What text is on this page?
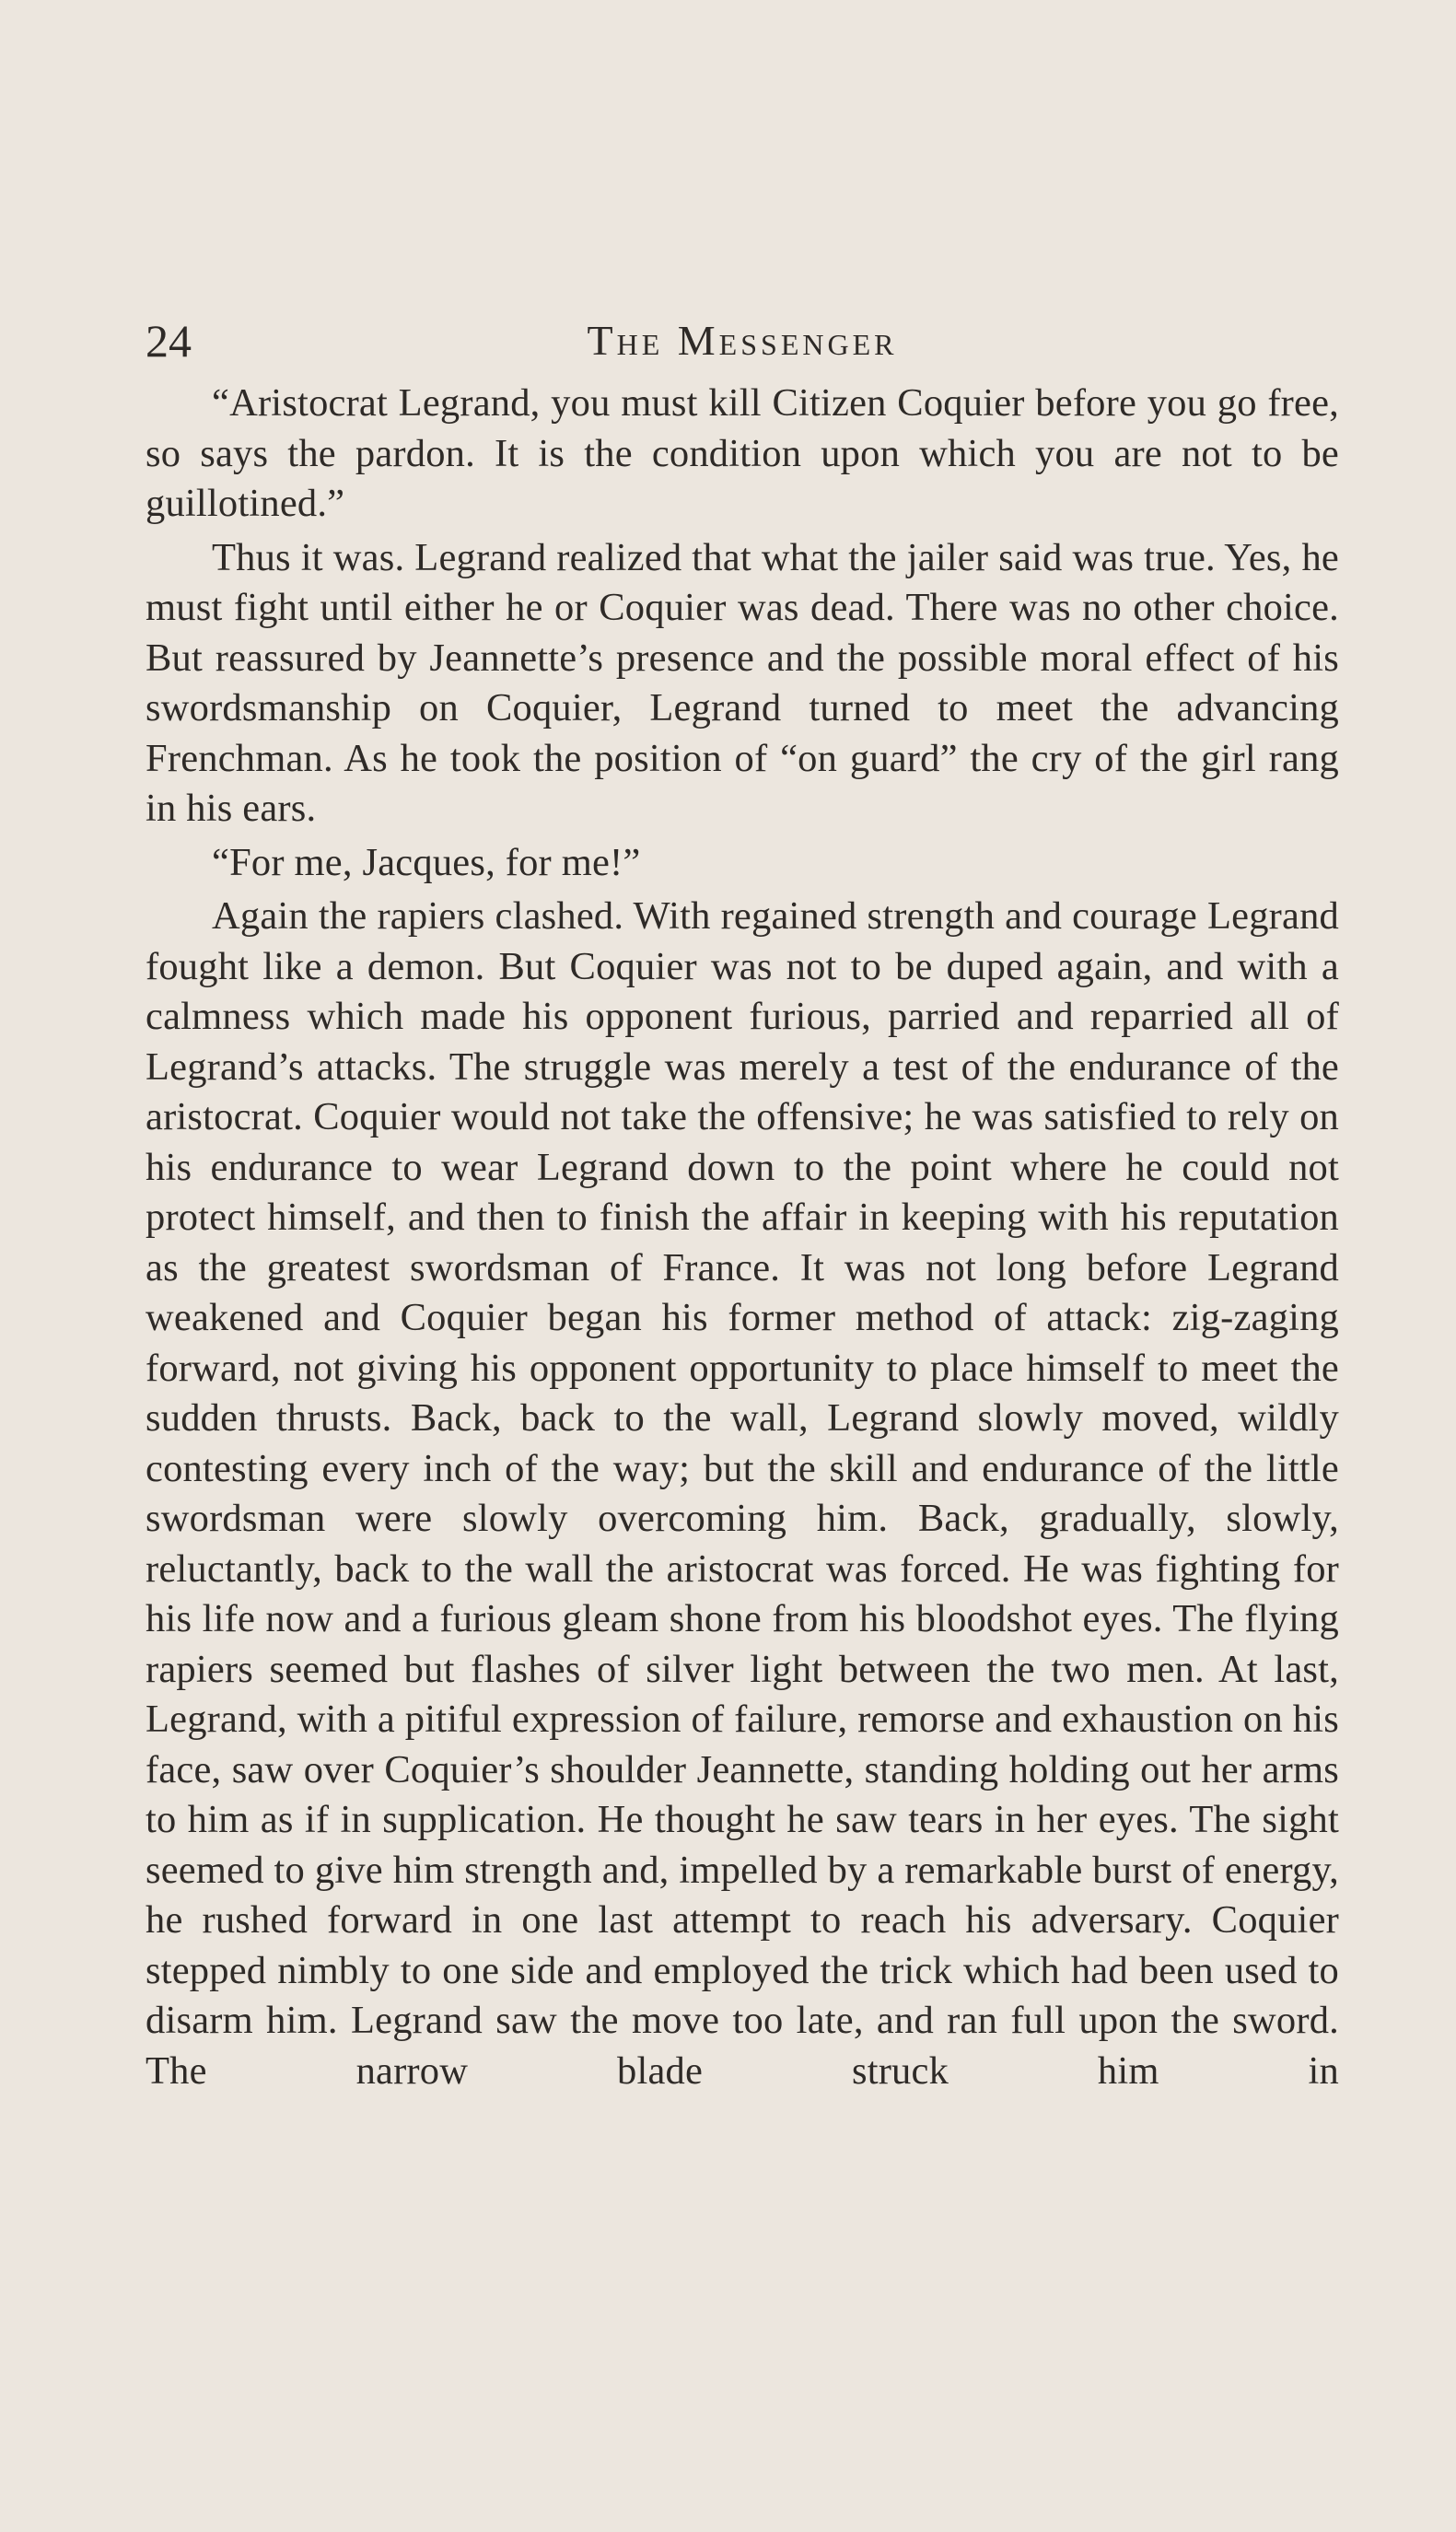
24	The Messenger

“Aristocrat Legrand, you must kill Citizen Coquier before you go free, so says the pardon. It is the condition upon which you are not to be guillotined.”

Thus it was. Legrand realized that what the jailer said was true. Yes, he must fight until either he or Coquier was dead. There was no other choice. But reassured by Jeannette’s presence and the possible moral effect of his swordsmanship on Coquier, Legrand turned to meet the advancing Frenchman. As he took the position of “on guard” the cry of the girl rang in his ears.

“For me, Jacques, for me!”

Again the rapiers clashed. With regained strength and courage Legrand fought like a demon. But Coquier was not to be duped again, and with a calmness which made his opponent furious, parried and reparried all of Legrand’s attacks. The struggle was merely a test of the endurance of the aristocrat. Coquier would not take the offensive; he was satisfied to rely on his endurance to wear Legrand down to the point where he could not protect himself, and then to finish the affair in keeping with his reputation as the greatest swordsman of France. It was not long before Legrand weakened and Coquier began his former method of attack: zig-zaging forward, not giving his opponent opportunity to place himself to meet the sudden thrusts. Back, back to the wall, Legrand slowly moved, wildly contesting every inch of the way; but the skill and endurance of the little swordsman were slowly overcoming him. Back, gradually, slowly, reluctantly, back to the wall the aristocrat was forced. He was fighting for his life now and a furious gleam shone from his bloodshot eyes. The flying rapiers seemed but flashes of silver light between the two men. At last, Legrand, with a pitiful expression of failure, remorse and exhaustion on his face, saw over Coquier’s shoulder Jeannette, standing holding out her arms to him as if in supplication. He thought he saw tears in her eyes. The sight seemed to give him strength and, impelled by a remarkable burst of energy, he rushed forward in one last attempt to reach his adversary. Coquier stepped nimbly to one side and employed the trick which had been used to disarm him. Legrand saw the move too late, and ran full upon the sword. The narrow blade struck him in
